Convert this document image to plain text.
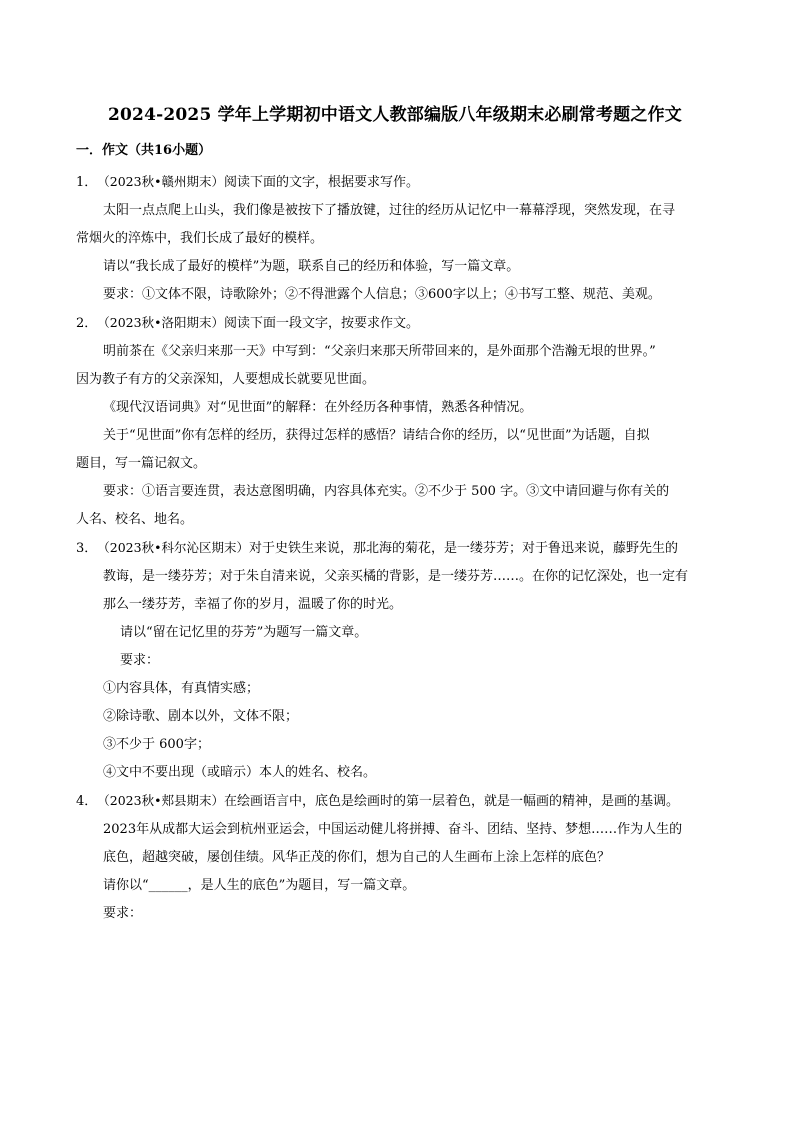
2024-2025 学年上学期初中语文人教部编版八年级期末必刷常考题之作文
一．作文（共16小题）
1．（2023秋•赣州期末）阅读下面的文字，根据要求写作。
太阳一点点爬上山头，我们像是被按下了播放键，过往的经历从记忆中一幕幕浮现，突然发现，在寻
常烟火的淬炼中，我们长成了最好的模样。
请以“我长成了最好的模样”为题，联系自己的经历和体验，写一篇文章。
要求：①文体不限，诗歌除外；②不得泄露个人信息；③600字以上；④书写工整、规范、美观。
2．（2023秋•洛阳期末）阅读下面一段文字，按要求作文。
明前茶在《父亲归来那一天》中写到：“父亲归来那天所带回来的，是外面那个浩瀚无垠的世界。”
因为教子有方的父亲深知，人要想成长就要见世面。
《现代汉语词典》对“见世面”的解释：在外经历各种事情，熟悉各种情况。
关于“见世面”你有怎样的经历，获得过怎样的感悟？请结合你的经历，以“见世面”为话题，自拟
题目，写一篇记叙文。
要求：①语言要连贯，表达意图明确，内容具体充实。②不少于 500 字。③文中请回避与你有关的
人名、校名、地名。
3．（2023秋•科尔沁区期末）对于史铁生来说，那北海的菊花，是一缕芬芳；对于鲁迅来说，藤野先生的
教诲，是一缕芬芳；对于朱自清来说，父亲买橘的背影，是一缕芬芳……。在你的记忆深处，也一定有
那么一缕芬芳，幸福了你的岁月，温暖了你的时光。
请以“留在记忆里的芬芳”为题写一篇文章。
要求：
①内容具体，有真情实感；
②除诗歌、剧本以外，文体不限；
③不少于 600字；
④文中不要出现（或暗示）本人的姓名、校名。
4．（2023秋•郏县期末）在绘画语言中，底色是绘画时的第一层着色，就是一幅画的精神，是画的基调。
2023年从成都大运会到杭州亚运会，中国运动健儿将拼搏、奋斗、团结、坚持、梦想……作为人生的
底色，超越突破，屡创佳绩。风华正茂的你们，想为自己的人生画布上涂上怎样的底色？
请你以“______，是人生的底色”为题目，写一篇文章。
要求：
